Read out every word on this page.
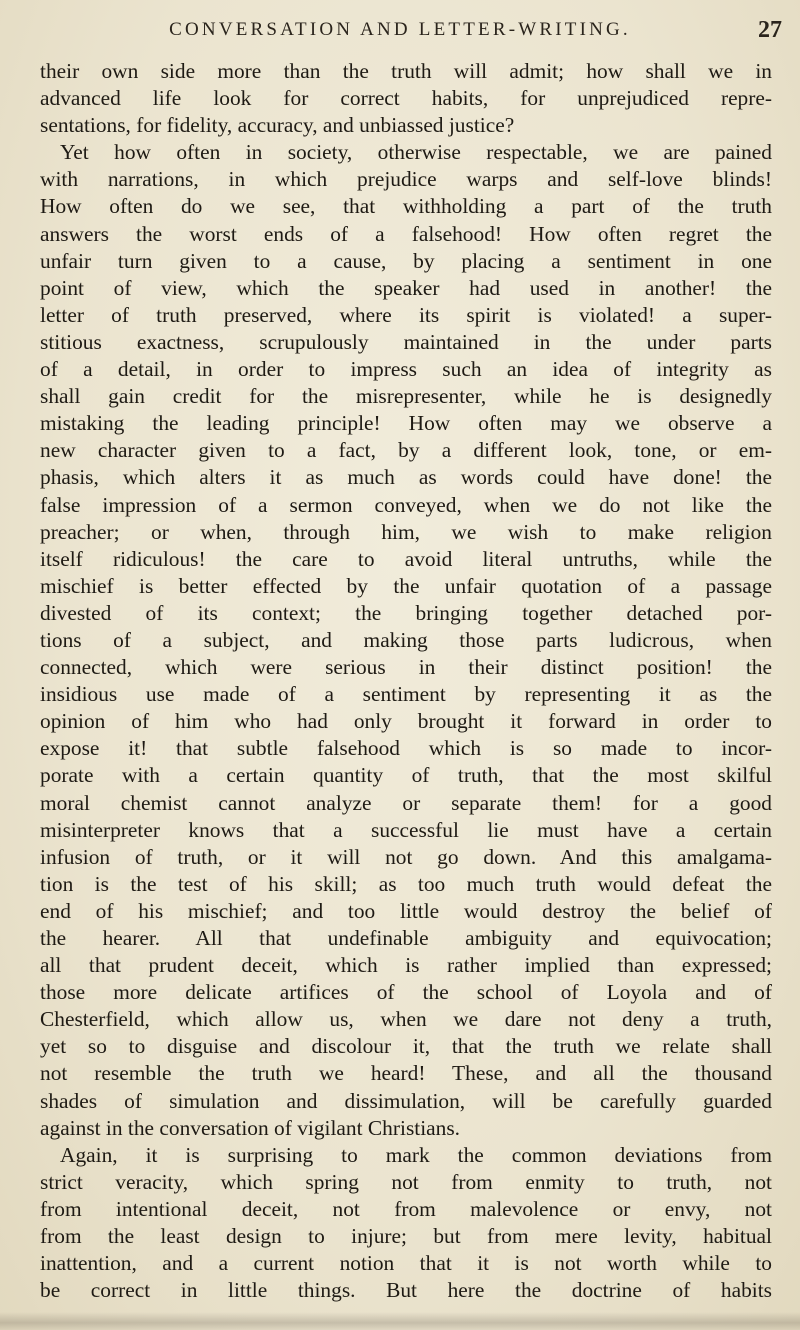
CONVERSATION AND LETTER-WRITING.	27
their own side more than the truth will admit; how shall we in
advanced life look for correct habits, for unprejudiced repre-
sentations, for fidelity, accuracy, and unbiassed justice?
Yet how often in society, otherwise respectable, we are pained
with narrations, in which prejudice warps and self-love blinds!
How often do we see, that withholding a part of the truth
answers the worst ends of a falsehood! How often regret the
unfair turn given to a cause, by placing a sentiment in one
point of view, which the speaker had used in another! the
letter of truth preserved, where its spirit is violated! a super-
stitious exactness, scrupulously maintained in the under parts
of a detail, in order to impress such an idea of integrity as
shall gain credit for the misrepresenter, while he is designedly
mistaking the leading principle! How often may we observe a
new character given to a fact, by a different look, tone, or em-
phasis, which alters it as much as words could have done! the
false impression of a sermon conveyed, when we do not like the
preacher; or when, through him, we wish to make religion
itself ridiculous! the care to avoid literal untruths, while the
mischief is better effected by the unfair quotation of a passage
divested of its context; the bringing together detached por-
tions of a subject, and making those parts ludicrous, when
connected, which were serious in their distinct position! the
insidious use made of a sentiment by representing it as the
opinion of him who had only brought it forward in order to
expose it! that subtle falsehood which is so made to incor-
porate with a certain quantity of truth, that the most skilful
moral chemist cannot analyze or separate them! for a good
misinterpreter knows that a successful lie must have a certain
infusion of truth, or it will not go down. And this amalgama-
tion is the test of his skill; as too much truth would defeat the
end of his mischief; and too little would destroy the belief of
the hearer. All that undefinable ambiguity and equivocation;
all that prudent deceit, which is rather implied than expressed;
those more delicate artifices of the school of Loyola and of
Chesterfield, which allow us, when we dare not deny a truth,
yet so to disguise and discolour it, that the truth we relate shall
not resemble the truth we heard! These, and all the thousand
shades of simulation and dissimulation, will be carefully guarded
against in the conversation of vigilant Christians.
Again, it is surprising to mark the common deviations from
strict veracity, which spring not from enmity to truth, not
from intentional deceit, not from malevolence or envy, not
from the least design to injure; but from mere levity, habitual
inattention, and a current notion that it is not worth while to
be correct in little things. But here the doctrine of habits
